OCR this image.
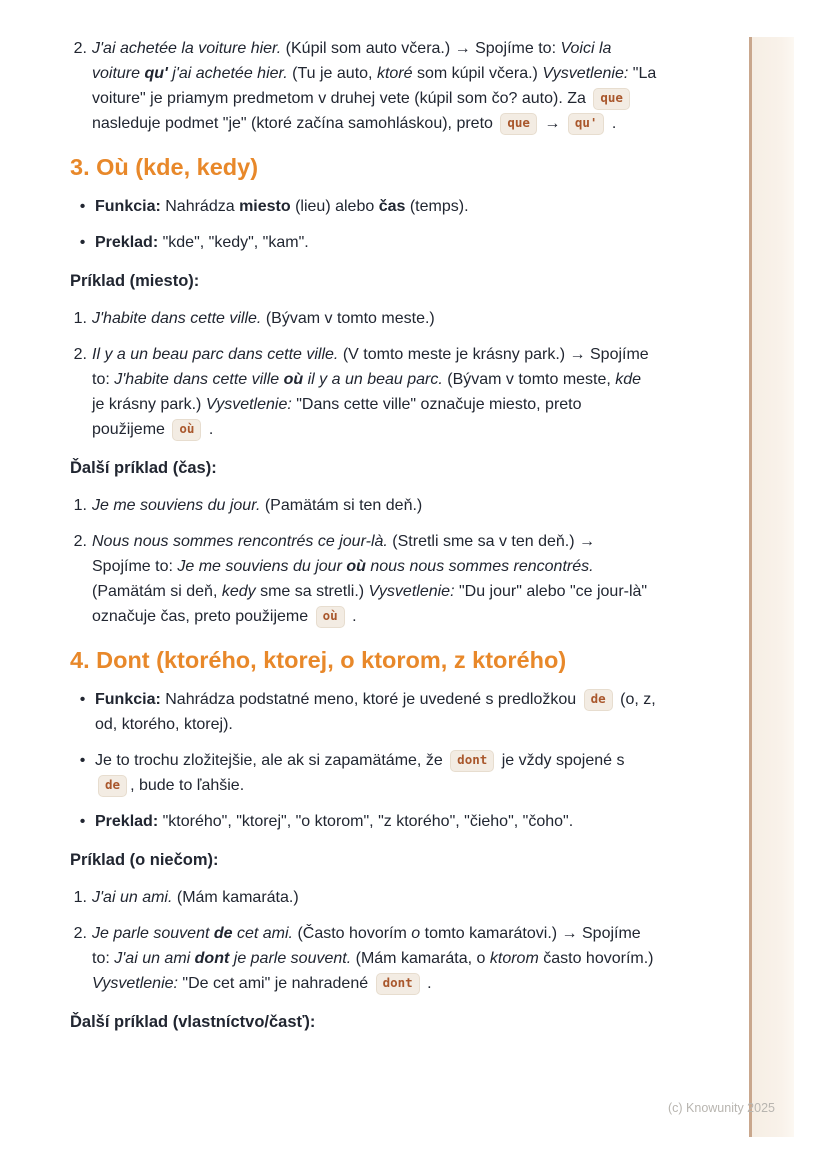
2. J'ai achetée la voiture hier. (Kúpil som auto včera.) → Spojíme to: Voici la voiture qu' j'ai achetée hier. (Tu je auto, ktoré som kúpil včera.) Vysvetlenie: "La voiture" je priamym predmetom v druhej vete (kúpil som čo? auto). Za que nasleduje podmet "je" (ktoré začína samohláskou), preto que → qu' .
3. Où (kde, kedy)
•
Funkcia: Nahrádza miesto (lieu) alebo čas (temps).
•
Preklad: "kde", "kedy", "kam".
Príklad (miesto):
1. J'habite dans cette ville. (Bývam v tomto meste.)
2. Il y a un beau parc dans cette ville. (V tomto meste je krásny park.) → Spojíme to: J'habite dans cette ville où il y a un beau parc. (Bývam v tomto meste, kde je krásny park.) Vysvetlenie: "Dans cette ville" označuje miesto, preto použijeme où .
Ďalší príklad (čas):
1. Je me souviens du jour. (Pamätám si ten deň.)
2. Nous nous sommes rencontrés ce jour-là. (Stretli sme sa v ten deň.) → Spojíme to: Je me souviens du jour où nous nous sommes rencontrés. (Pamätám si deň, kedy sme sa stretli.) Vysvetlenie: "Du jour" alebo "ce jour-là" označuje čas, preto použijeme où .
4. Dont (ktorého, ktorej, o ktorom, z ktorého)
•
Funkcia: Nahrádza podstatné meno, ktoré je uvedené s predložkou de (o, z, od, ktorého, ktorej).
•
Je to trochu zložitejšie, ale ak si zapamätáme, že dont je vždy spojené s de , bude to ľahšie.
•
Preklad: "ktorého", "ktorej", "o ktorom", "z ktorého", "čieho", "čoho".
Príklad (o niečom):
1. J'ai un ami. (Mám kamaráta.)
2. Je parle souvent de cet ami. (Často hovorím o tomto kamarátovi.) → Spojíme to: J'ai un ami dont je parle souvent. (Mám kamaráta, o ktorom často hovorím.) Vysvetlenie: "De cet ami" je nahradené dont .
Ďalší príklad (vlastníctvo/časť):
(c) Knowunity 2025
